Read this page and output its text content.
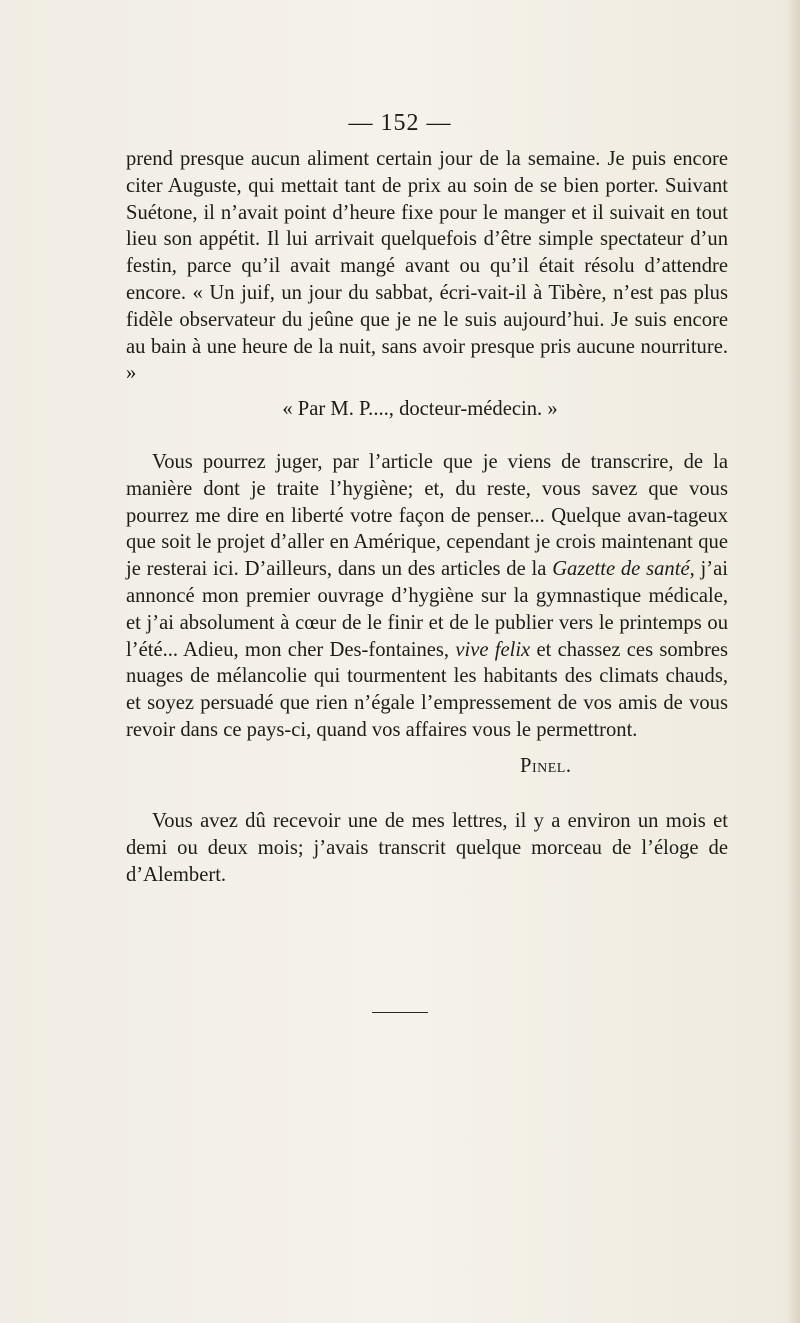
— 152 —

prend presque aucun aliment certain jour de la semaine. Je puis encore citer Auguste, qui mettait tant de prix au soin de se bien porter. Suivant Suétone, il n’avait point d’heure fixe pour le manger et il suivait en tout lieu son appétit. Il lui arrivait quelquefois d’être simple spectateur d’un festin, parce qu’il avait mangé avant ou qu’il était résolu d’attendre encore. « Un juif, un jour du sabbat, écri-vait-il à Tibère, n’est pas plus fidèle observateur du jeûne que je ne le suis aujourd’hui. Je suis encore au bain à une heure de la nuit, sans avoir presque pris aucune nourriture. »

« Par M. P...., docteur-médecin. »

Vous pourrez juger, par l’article que je viens de transcrire, de la manière dont je traite l’hygiène; et, du reste, vous savez que vous pourrez me dire en liberté votre façon de penser... Quelque avan-tageux que soit le projet d’aller en Amérique, cependant je crois maintenant que je resterai ici. D’ailleurs, dans un des articles de la Gazette de santé, j’ai annoncé mon premier ouvrage d’hygiène sur la gymnastique médicale, et j’ai absolument à cœur de le finir et de le publier vers le printemps ou l’été... Adieu, mon cher Des-fontaines, vive felix et chassez ces sombres nuages de mélancolie qui tourmentent les habitants des climats chauds, et soyez persuadé que rien n’égale l’empressement de vos amis de vous revoir dans ce pays-ci, quand vos affaires vous le permettront.

Pinel.

Vous avez dû recevoir une de mes lettres, il y a environ un mois et demi ou deux mois; j’avais transcrit quelque morceau de l’éloge de d’Alembert.
